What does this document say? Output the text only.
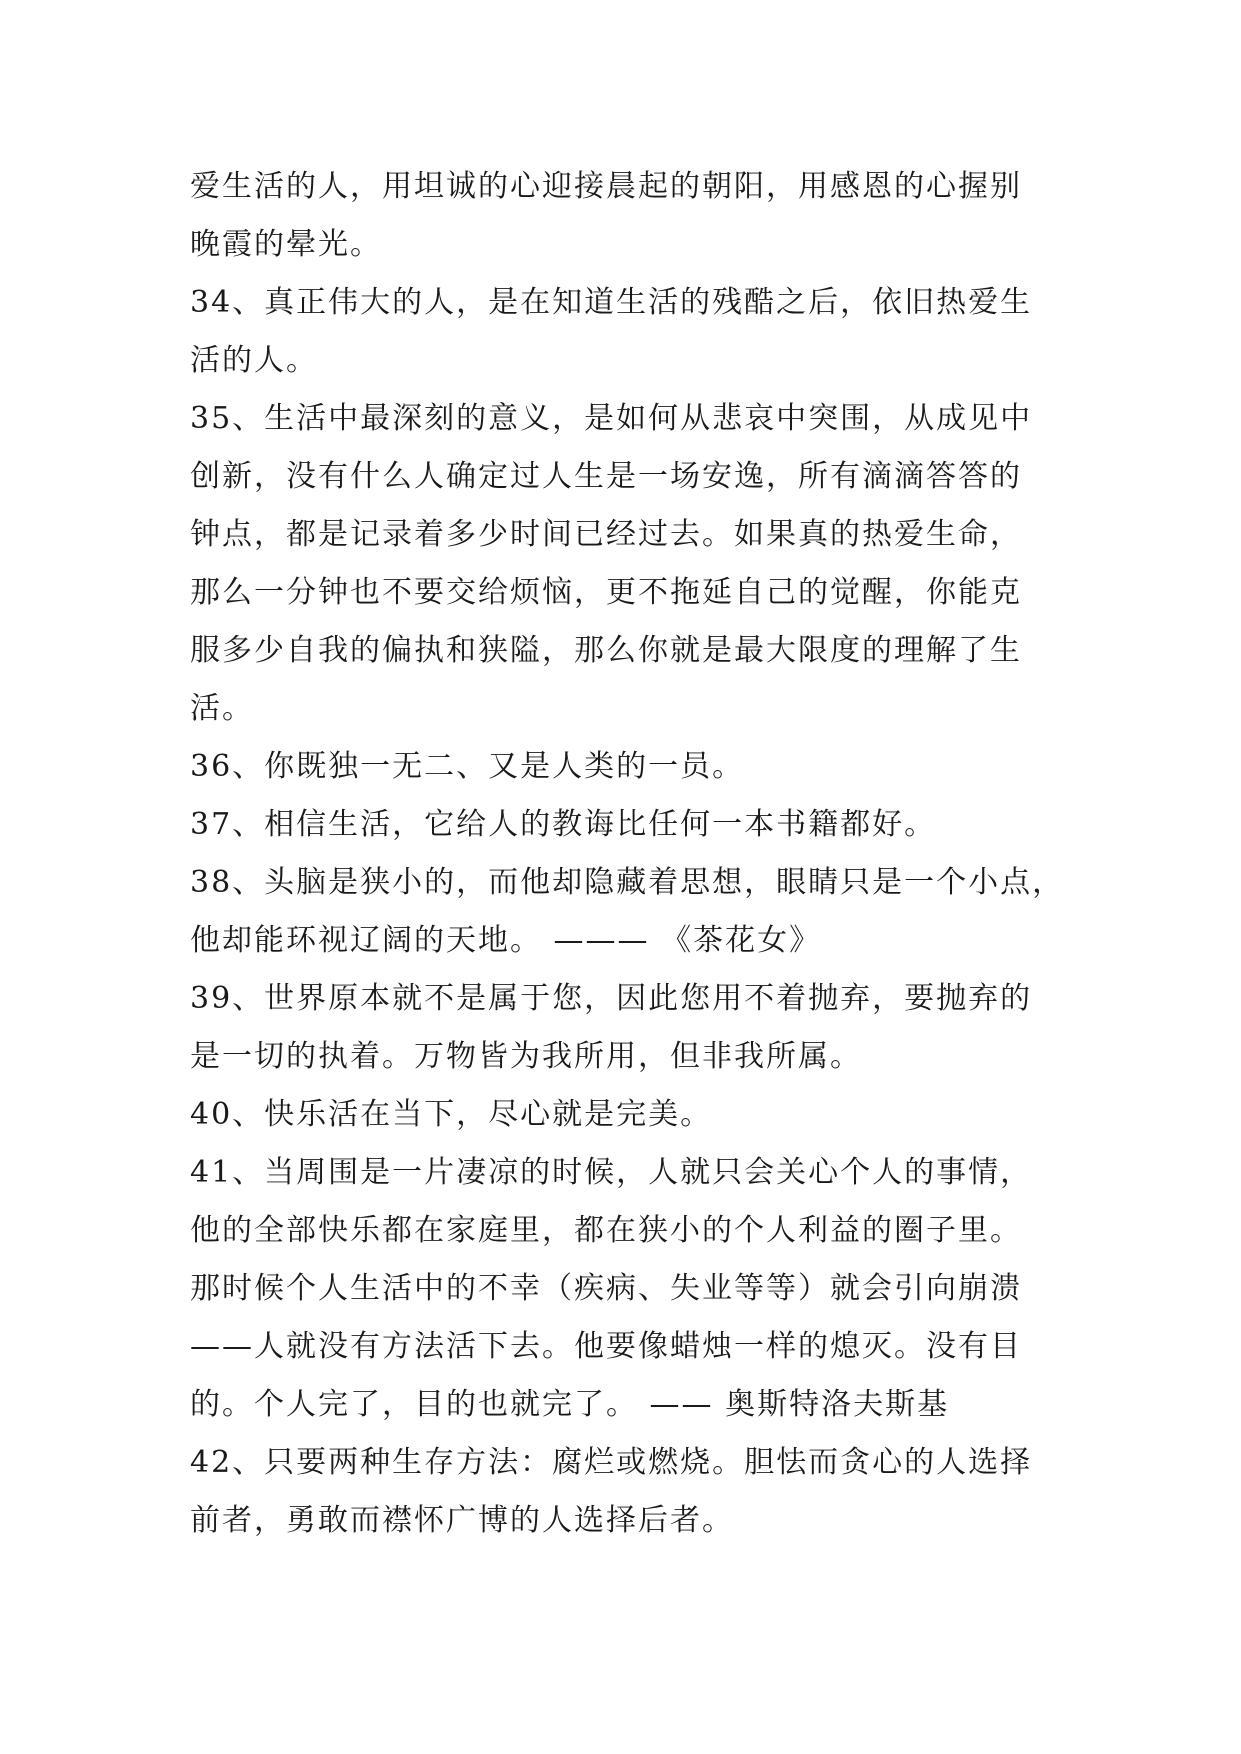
爱生活的人，用坦诚的心迎接晨起的朝阳，用感恩的心握别
晚霞的晕光。
34、真正伟大的人，是在知道生活的残酷之后，依旧热爱生
活的人。
35、生活中最深刻的意义，是如何从悲哀中突围，从成见中
创新，没有什么人确定过人生是一场安逸，所有滴滴答答的
钟点，都是记录着多少时间已经过去。如果真的热爱生命，
那么一分钟也不要交给烦恼，更不拖延自己的觉醒，你能克
服多少自我的偏执和狭隘，那么你就是最大限度的理解了生
活。
36、你既独一无二、又是人类的一员。
37、相信生活，它给人的教诲比任何一本书籍都好。
38、头脑是狭小的，而他却隐藏着思想，眼睛只是一个小点，
他却能环视辽阔的天地。 ——— 《茶花女》
39、世界原本就不是属于您，因此您用不着抛弃，要抛弃的
是一切的执着。万物皆为我所用，但非我所属。
40、快乐活在当下，尽心就是完美。
41、当周围是一片凄凉的时候，人就只会关心个人的事情，
他的全部快乐都在家庭里，都在狭小的个人利益的圈子里。
那时候个人生活中的不幸（疾病、失业等等）就会引向崩溃
——人就没有方法活下去。他要像蜡烛一样的熄灭。没有目
的。个人完了，目的也就完了。 —— 奥斯特洛夫斯基
42、只要两种生存方法：腐烂或燃烧。胆怯而贪心的人选择
前者，勇敢而襟怀广博的人选择后者。
